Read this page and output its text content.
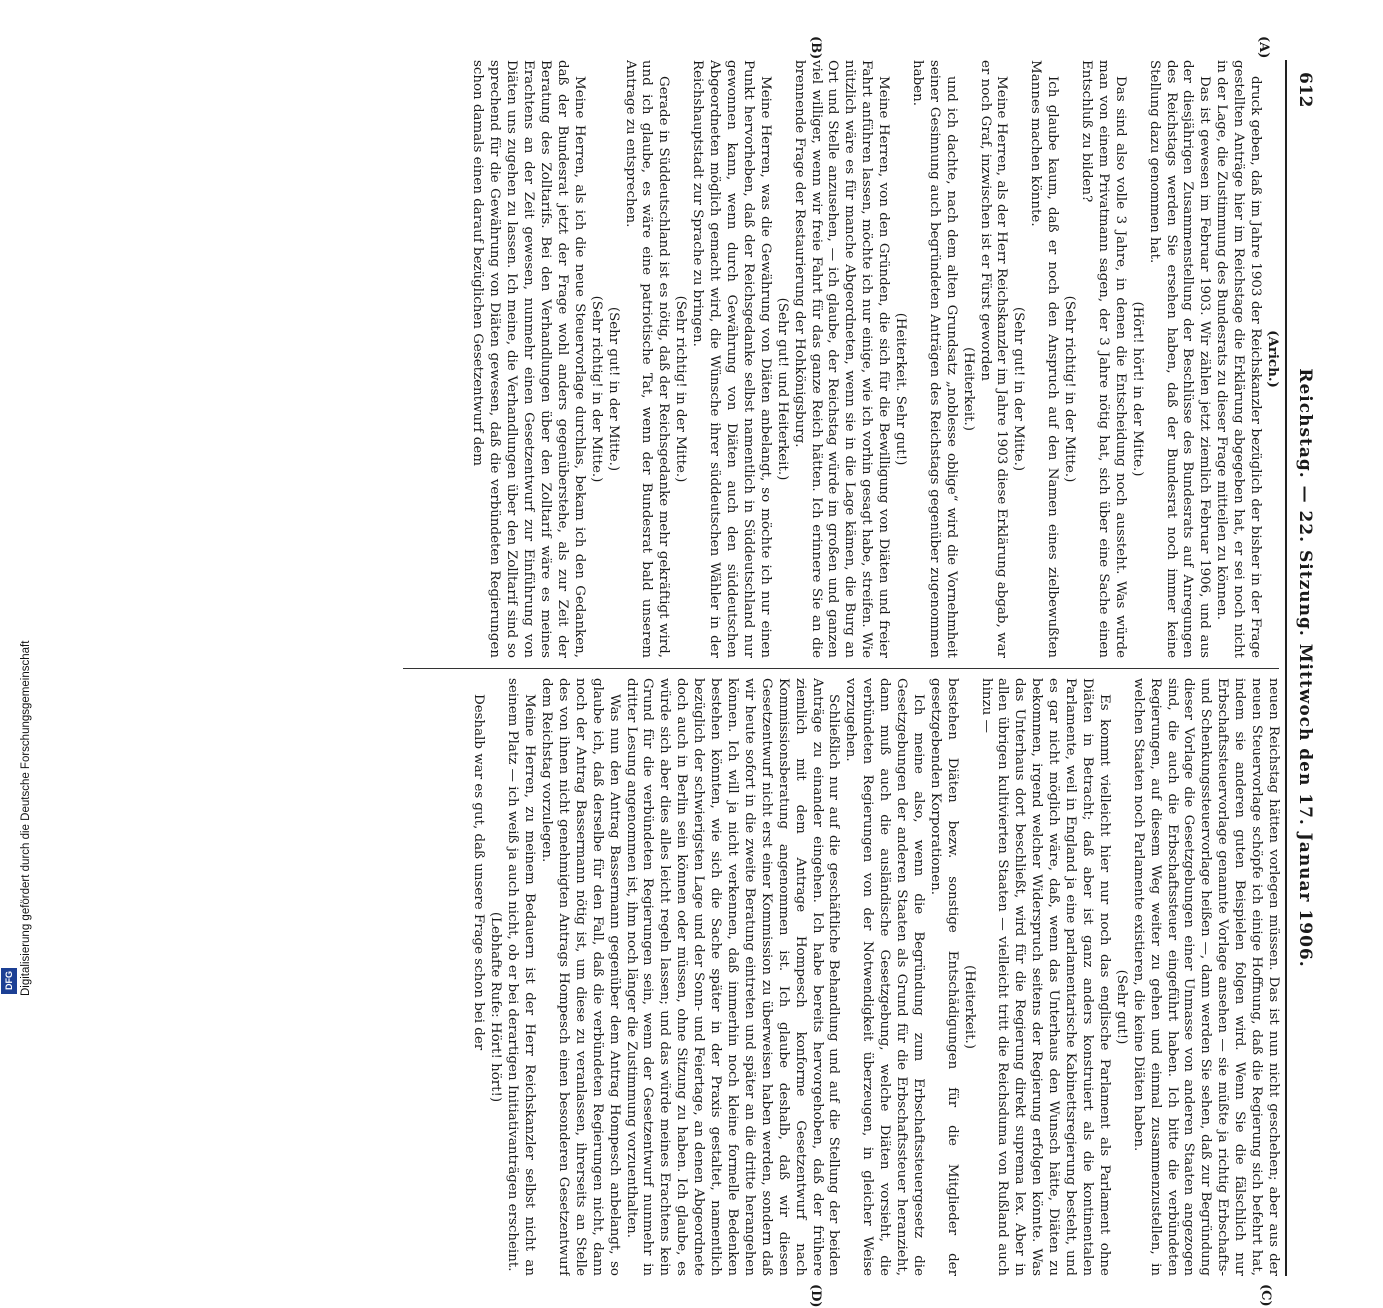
612
Reichstag. — 22. Sitzung. Mittwoch den 17. Januar 1906.
(A)
(B)
(C)
(D)

(Arich.)

druck geben, daß im Jahre 1903 der Reichskanzler bezüglich der bisher in der Frage gestellten Anträge hier im Reichstage die Erklärung abgegeben hat, er sei noch nicht in der Lage, die Zustimmung des Bundesrats zu dieser Frage mitteilen zu können.

Das ist gewesen im Februar 1903. Wir zählen jetzt ziemlich Februar 1906, und aus der diesjährigen Zusammenstellung der Beschlüsse des Bundesrats auf Anregungen des Reichstags werden Sie ersehen haben, daß der Bundesrat noch immer keine Stellung dazu genommen hat.

(Hört! hört! in der Mitte.)

Das sind also volle 3 Jahre, in denen die Entscheidung noch aussteht. Was würde man von einem Privatmann sagen, der 3 Jahre nötig hat, sich über eine Sache einen Entschluß zu bilden?

(Sehr richtig! in der Mitte.)

Ich glaube kaum, daß er noch den Anspruch auf den Namen eines zielbewußten Mannes machen könnte.

(Sehr gut! in der Mitte.)

Meine Herren, als der Herr Reichskanzler im Jahre 1903 diese Erklärung abgab, war er noch Graf, inzwischen ist er Fürst geworden

(Heiterkeit.)

und ich dachte, nach dem alten Grundsatz „noblesse oblige“ wird die Vornehmheit seiner Gesinnung auch begründeten Anträgen des Reichstags gegenüber zugenommen haben.

(Heiterkeit. Sehr gut!)

Meine Herren, von den Gründen, die sich für die Bewilligung von Diäten und freier Fahrt anführen lassen, möchte ich nur einige, wie ich vorhin gesagt habe, streifen. Wie nützlich wäre es für manche Abgeordneten, wenn sie in die Lage kämen, die Burg an Ort und Stelle anzusehen, — ich glaube, der Reichstag würde im großen und ganzen viel williger, wenn wir freie Fahrt für das ganze Reich hätten. Ich erinnere Sie an die brennende Frage der Restaurierung der Hohkönigsburg.

(Sehr gut! und Heiterkeit.)

Meine Herren, was die Gewährung von Diäten anbelangt, so möchte ich nur einen Punkt hervorheben, daß der Reichsgedanke selbst namentlich in Süddeutschland nur gewonnen kann, wenn durch Gewährung von Diäten auch den süddeutschen Abgeordneten möglich gemacht wird, die Wünsche ihrer süddeutschen Wähler in der Reichshauptstadt zur Sprache zu bringen.

(Sehr richtig! in der Mitte.)

Gerade in Süddeutschland ist es nötig, daß der Reichsgedanke mehr gekräftigt wird, und ich glaube, es wäre eine patriotische Tat, wenn der Bundesrat bald unserem Antrage zu entsprechen.

(Sehr gut! in der Mitte.)

(Sehr richtig! in der Mitte.)

Meine Herren, als ich die neue Steuervorlage durchlas, bekam ich den Gedanken, daß der Bundesrat jetzt der Frage wohl anders gegenüberstehe, als zur Zeit der Beratung des Zolltarifs. Bei den Verhandlungen über den Zolltarif wäre es meines Erachtens an der Zeit gewesen, nunmehr einen Gesetzentwurf zur Einführung von Diäten uns zugehen zu lassen. Ich meine, die Verhandlungen über den Zolltarif sind so sprechend für die Gewährung von Diäten gewesen, daß die verbündeten Regierungen schon damals einen darauf bezüglichen Gesetzentwurf dem

neuen Reichstag hätten vorlegen müssen. Das ist nun nicht geschehen; aber aus der neuen Steuervorlage schöpfe ich einige Hoffnung, daß die Regierung sich befehrt hat, indem sie anderen guten Beispielen folgen wird. Wenn Sie die fälschlich nur Erbschaftssteuervorlage genannte Vorlage ansehen — sie müßte ja richtig Erbschafts- und Schenkungssteuervorlage heißen —, dann werden Sie sehen, daß zur Begründung dieser Vorlage die Gesetzgebungen einer Unmasse von anderen Staaten angezogen sind, die auch die Erbschaftssteuer eingeführt haben. Ich bitte die verbündeten Regierungen, auf diesem Weg weiter zu gehen und einmal zusammenzustellen, in welchen Staaten noch Parlamente existieren, die keine Diäten haben.

(Sehr gut!)

Es kommt vielleicht hier nur noch das englische Parlament als Parlament ohne Diäten in Betracht; daß aber ist ganz anders konstruiert als die kontinentalen Parlamente, weil in England ja eine parlamentarische Kabinettsregierung besteht, und es gar nicht möglich wäre, daß, wenn das Unterhaus den Wunsch hätte, Diäten zu bekommen, irgend welcher Widerspruch seitens der Regierung erfolgen könnte. Was das Unterhaus dort beschließt, wird für die Regierung direkt suprema lex. Aber in allen übrigen kultivierten Staaten — vielleicht tritt die Reichsduma von Rußland auch hinzu —

(Heiterkeit.)

bestehen Diäten bezw. sonstige Entschädigungen für die Mitglieder der gesetzgebenden Korporationen.

Ich meine also, wenn die Begründung zum Erbschaftssteuergesetz die Gesetzgebungen der anderen Staaten als Grund für die Erbschaftssteuer heranzieht, dann muß auch die ausländische Gesetzgebung, welche Diäten vorsieht, die verbündeten Regierungen von der Notwendigkeit überzeugen, in gleicher Weise vorzugehen.

Schließlich nur auf die geschäftliche Behandlung und auf die Stellung der beiden Anträge zu einander eingehen. Ich habe bereits hervorgehoben, daß der frühere ziemlich mit dem Antrage Hompesch konforme Gesetzentwurf nach Kommissionsberatung angenommen ist. Ich glaube deshalb, daß wir diesen Gesetzentwurf nicht erst einer Kommission zu überweisen haben werden, sondern daß wir heute sofort in die zweite Beratung eintreten und später an die dritte herangehen können. Ich will ja nicht verkennen, daß immerhin noch kleine formelle Bedenken bestehen könnten, wie sich die Sache später in der Praxis gestaltet, namentlich bezüglich der schwierigsten Lage und der Sonn- und Feiertage, an denen Abgeordnete doch auch in Berlin sein können oder müssen, ohne Sitzung zu haben. Ich glaube, es würde sich aber dies alles leicht regeln lassen; und das würde meines Erachtens kein Grund für die verbündeten Regierungen sein, wenn der Gesetzentwurf nunmehr in dritter Lesung angenommen ist, ihm noch länger die Zustimmung vorzuenthalten.

Was nun den Antrag Bassermann gegenüber dem Antrag Hompesch anbelangt, so glaube ich, daß derselbe für den Fall, daß die verbündeten Regierungen nicht, dann noch der Antrag Bassermann nötig ist, um diese zu veranlassen, ihrerseits an Stelle des von ihnen nicht genehmigten Antrags Hompesch einen besonderen Gesetzentwurf dem Reichstag vorzulegen.

Meine Herren, zu meinem Bedauern ist der Herr Reichskanzler selbst nicht an seinem Platz — ich weiß ja auch nicht, ob er bei derartigen Initiativanträgen erscheint.

(Lebhafte Rufe: Hört! hört!)

Deshalb war es gut, daß unsere Frage schon bei der

DFG Digitalisierung gefördert durch die Deutsche Forschungsgemeinschaft
